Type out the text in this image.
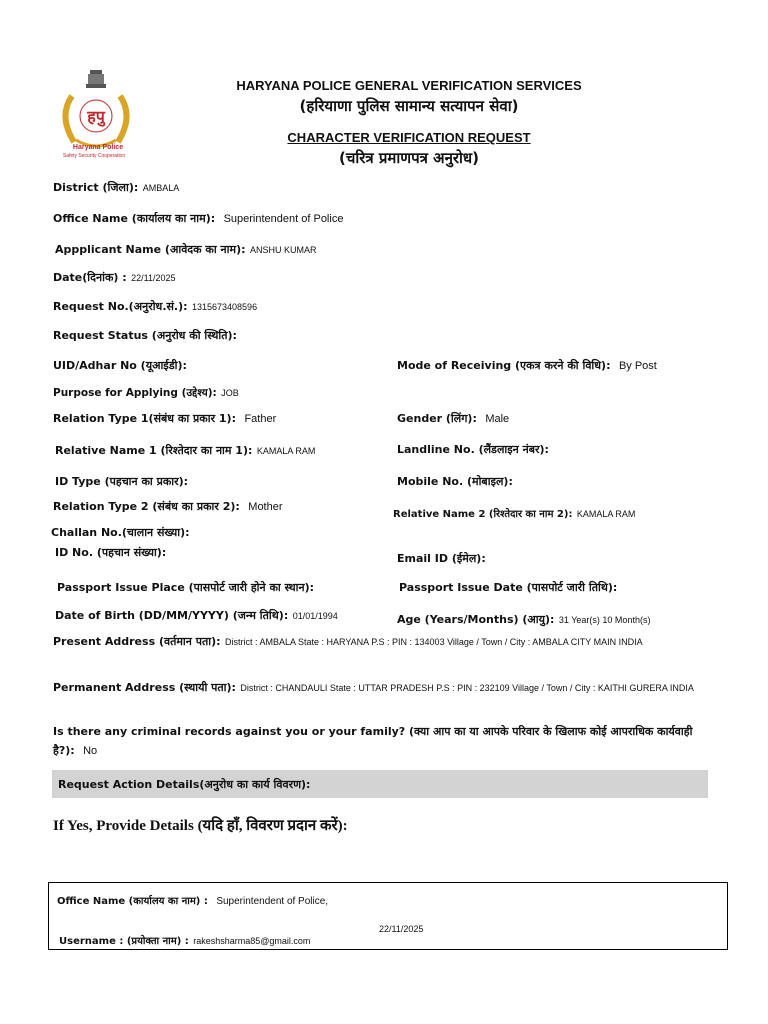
हपु
Haryana Police
Safety Security Cooperation
HARYANA POLICE GENERAL VERIFICATION SERVICES
(हरियाणा पुलिस सामान्य सत्यापन सेवा)
CHARACTER VERIFICATION REQUEST
(चरित्र प्रमाणपत्र अनुरोध)
District (जिला): AMBALA
Office Name (कार्यालय का नाम): Superintendent of Police
Appplicant Name (आवेदक का नाम): ANSHU KUMAR
Date(दिनांक) : 22/11/2025
Request No.(अनुरोध.सं.): 1315673408596
Request Status (अनुरोध की स्थिति):
UID/Adhar No (यूआईडी):	Mode of Receiving (एकत्र करने की विधि): By Post
Purpose for Applying (उद्देश्य): JOB
Relation Type 1(संबंध का प्रकार 1): Father	Gender (लिंग): Male
Relative Name 1 (रिश्तेदार का नाम 1): KAMALA RAM	Landline No. (लैंडलाइन नंबर):
ID Type (पहचान का प्रकार):	Mobile No. (मोबाइल):
Relation Type 2 (संबंध का प्रकार 2): Mother
Relative Name 2 (रिश्तेदार का नाम 2): KAMALA RAM
Challan No.(चालान संख्या):
ID No. (पहचान संख्या):	Email ID (ईमेल):
Passport Issue Place (पासपोर्ट जारी होने का स्थान):	Passport Issue Date (पासपोर्ट जारी तिथि):
Date of Birth (DD/MM/YYYY) (जन्म तिथि): 01/01/1994	Age (Years/Months) (आयु): 31 Year(s) 10 Month(s)
Present Address (वर्तमान पता): District : AMBALA State : HARYANA P.S : PIN : 134003 Village / Town / City : AMBALA CITY MAIN INDIA
Permanent Address (स्थायी पता): District : CHANDAULI State : UTTAR PRADESH P.S : PIN : 232109 Village / Town / City : KAITHI GURERA INDIA
Is there any criminal records against you or your family? (क्या आप का या आपके परिवार के खिलाफ कोई आपराधिक कार्यवाही
है?): No
Request Action Details(अनुरोध का कार्य विवरण):
If Yes, Provide Details (यदि हाँ, विवरण प्रदान करें):
Office Name (कार्यालय का नाम) : Superintendent of Police,
22/11/2025
Username : (प्रयोक्ता नाम) : rakeshsharma85@gmail.com
